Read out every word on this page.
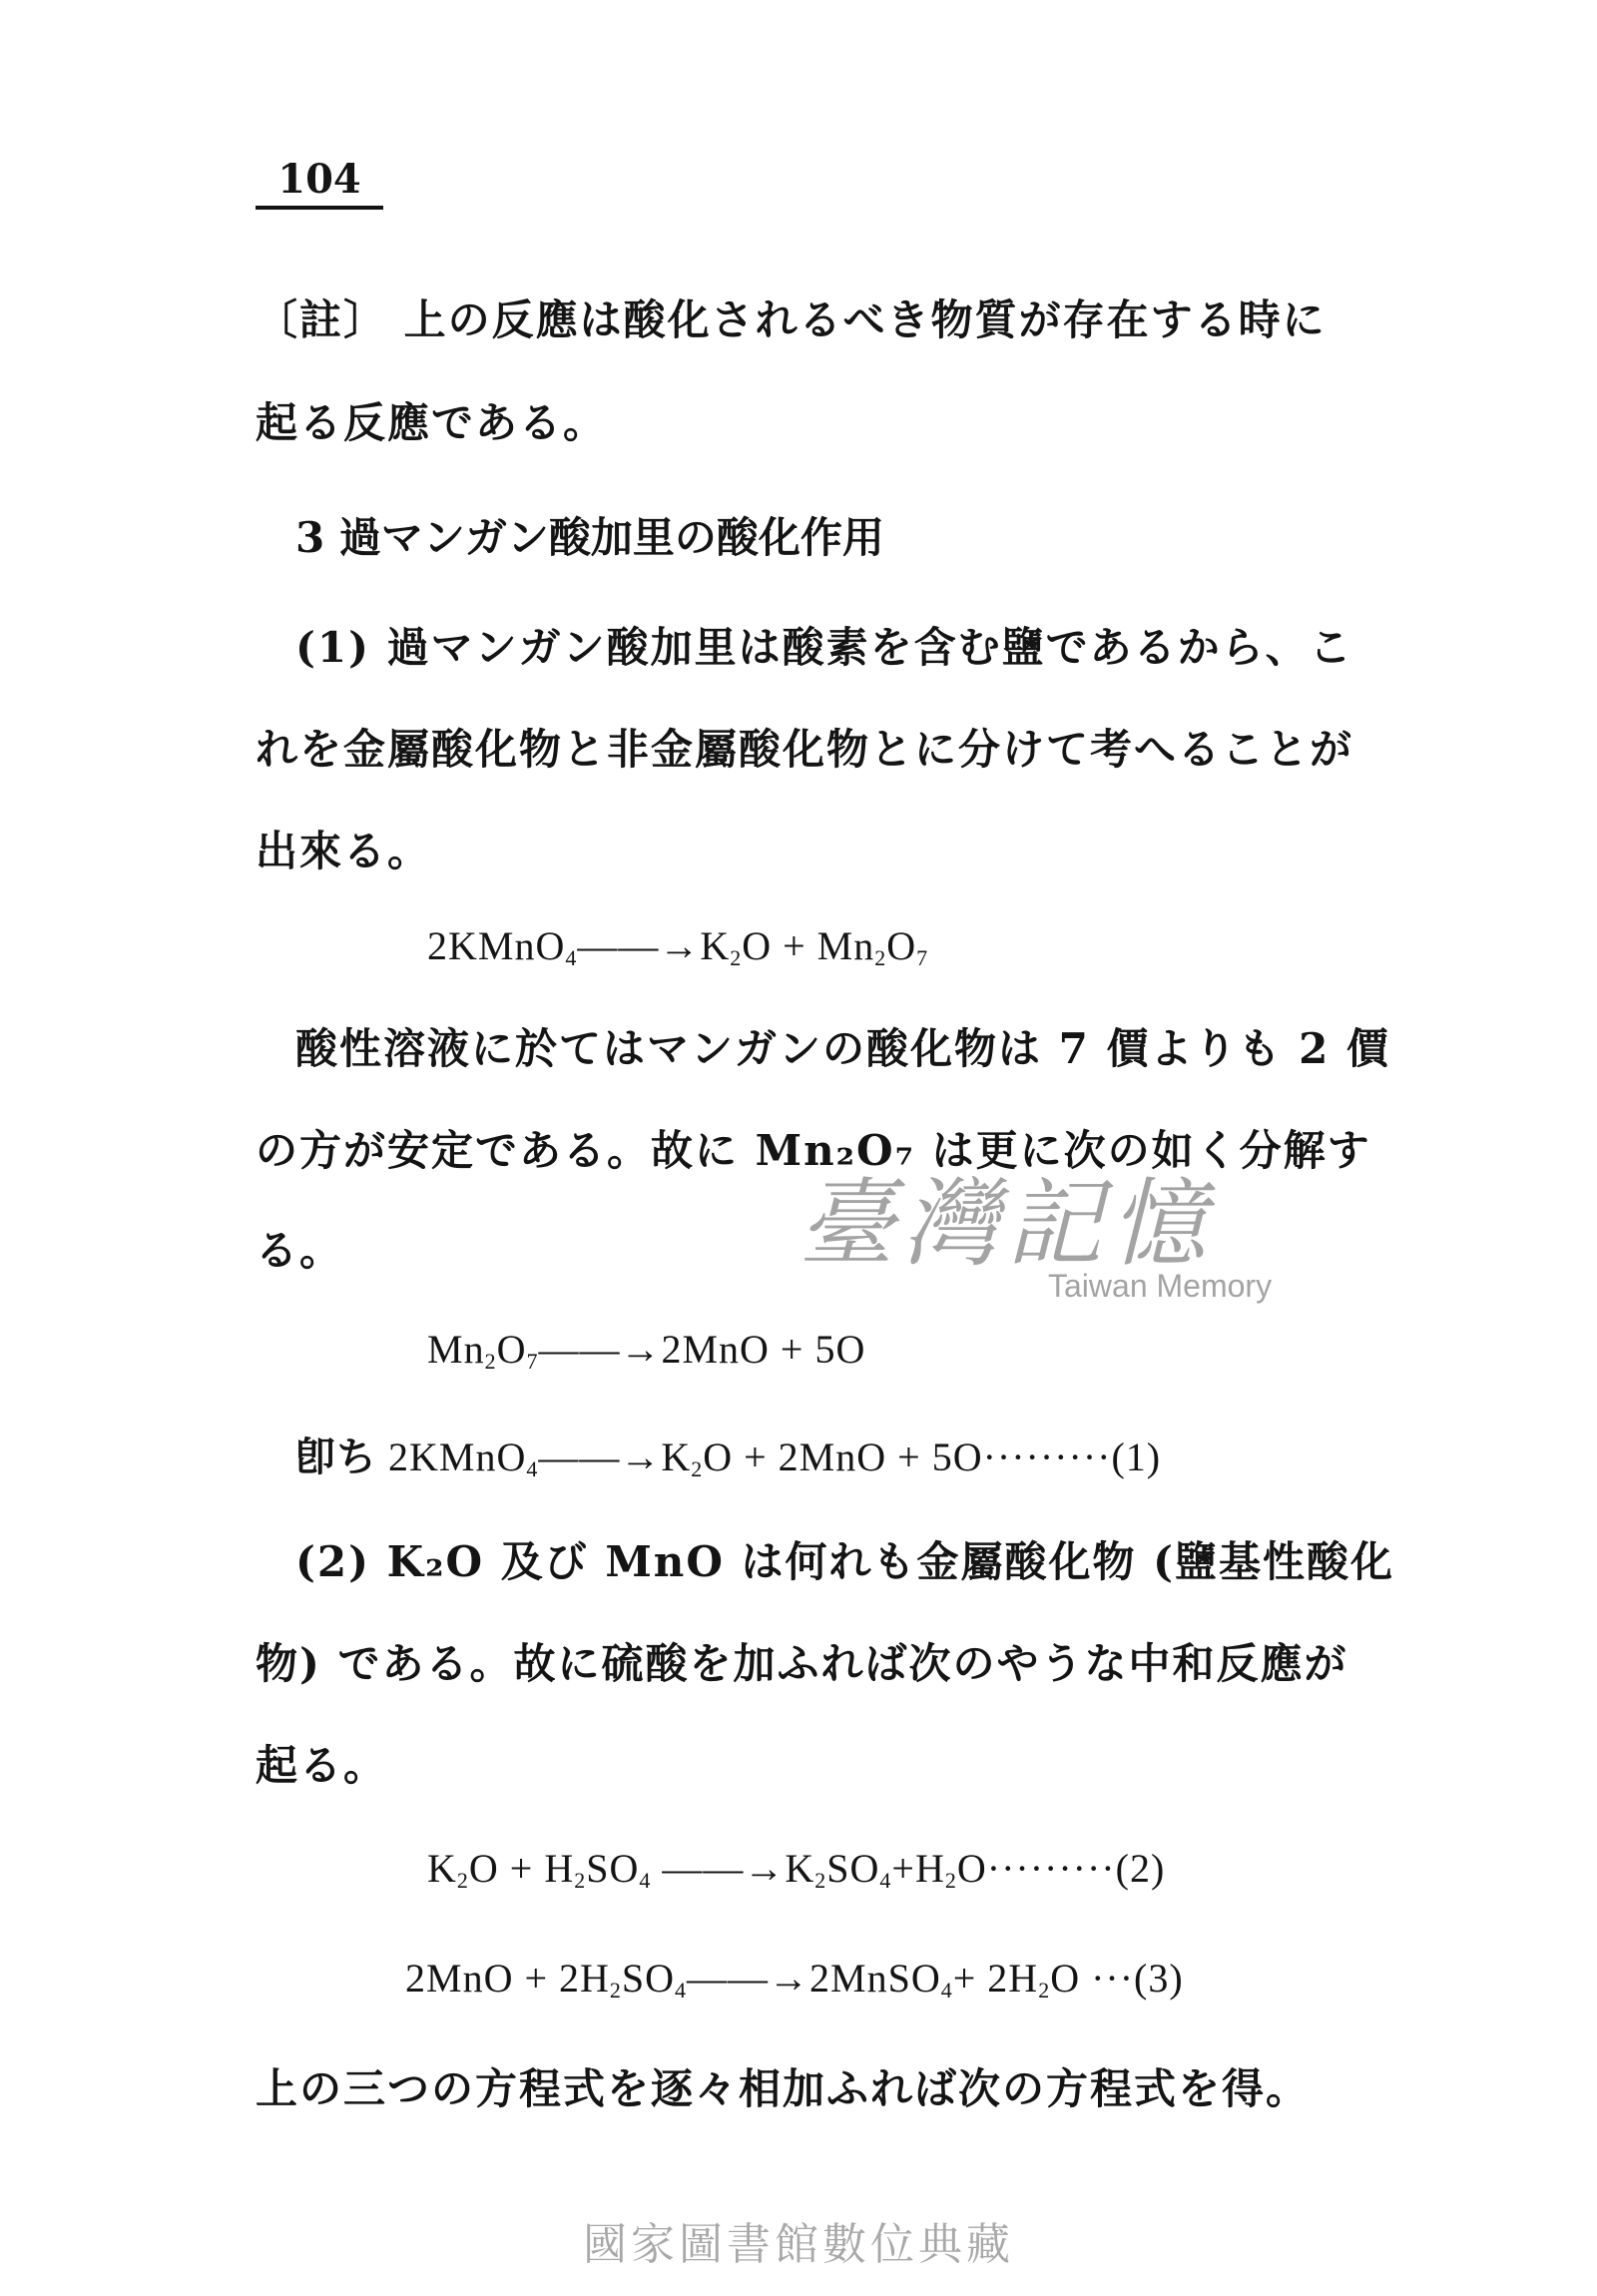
104
〔註〕 上の反應は酸化されるべき物質が存在する時に
起る反應である。
3 過マンガン酸加里の酸化作用
(1) 過マンガン酸加里は酸素を含む鹽であるから、こ
れを金屬酸化物と非金屬酸化物とに分けて考へることが
出來る。
$2KMnO_4——\to K_2O + Mn_2O_7$
酸性溶液に於てはマンガンの酸化物は 7 價よりも 2 價
の方が安定である。故に Mn₂O₇ は更に次の如く分解す
る。	臺灣記憶
Taiwan Memory
$Mn_2O_7——\to 2MnO + 5O$
卽ち $2KMnO_4——\to K_2O + 2MnO + 5O\cdot\cdot\cdot\cdot\cdot\cdot\cdot\cdot\cdot(1)$
(2) K₂O 及び MnO は何れも金屬酸化物 (鹽基性酸化
物) である。故に硫酸を加ふれば次のやうな中和反應が
起る。
$K_2O + H_2SO_4$ $——\to K_2SO_4+H_2O\cdot\cdot\cdot\cdot\cdot\cdot\cdot\cdot\cdot(2)$
$2MnO + 2H_2SO_4——\to 2MnSO_4+ 2H_2O \cdot\cdot\cdot(3)$
上の三つの方程式を逐々相加ふれば次の方程式を得。
國家圖書館數位典藏
